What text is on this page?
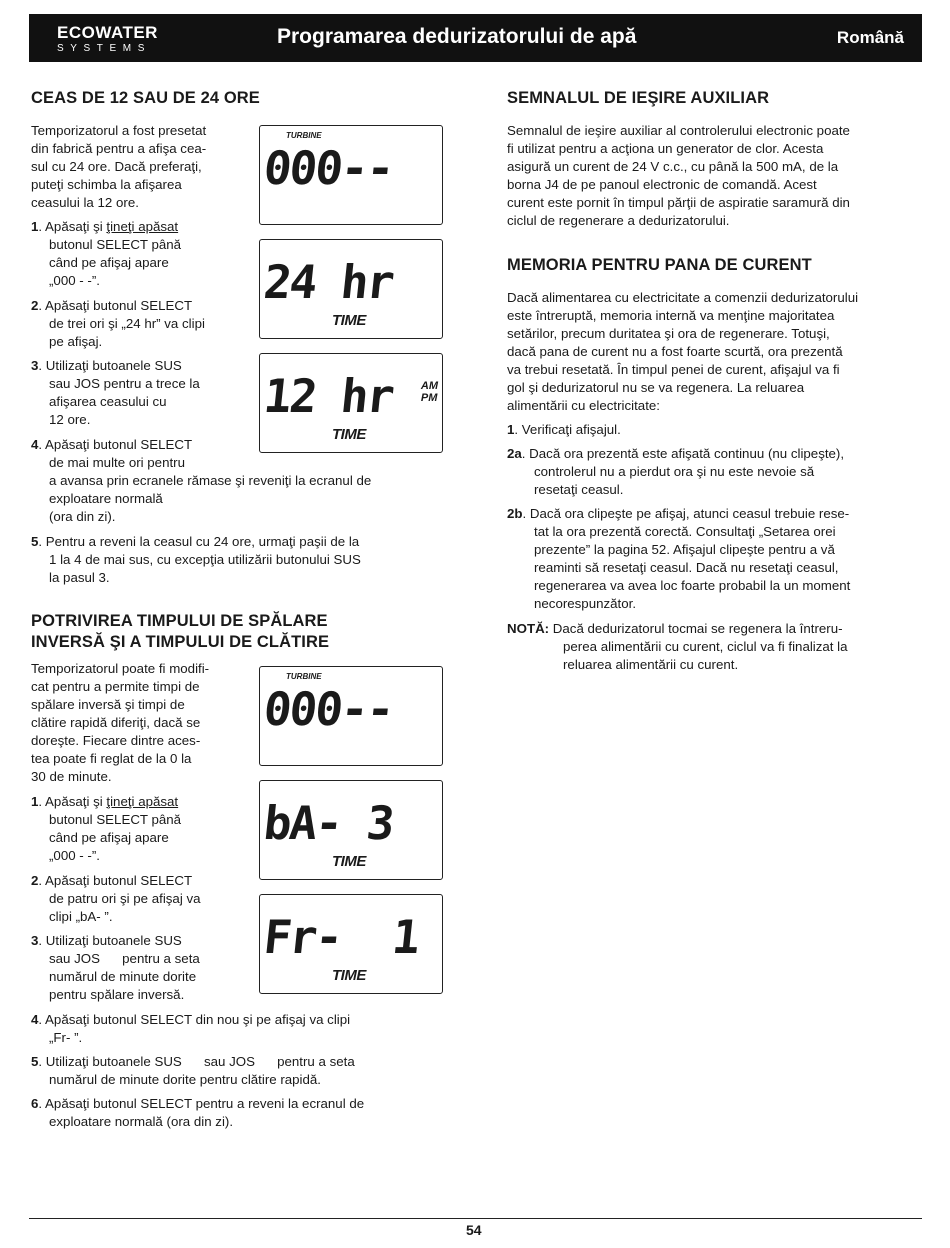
ECOWATER
SYSTEMS
Programarea dedurizatorului de apă	Română
CEAS DE 12 SAU DE 24 ORE

Temporizatorul a fost presetat

din fabrică pentru a afişa cea-

sul cu 24 ore. Dacă preferaţi,

puteţi schimba la afişarea

ceasului la 12 ore.

1. Apăsaţi şi ţineţi apăsat

butonul SELECT până

când pe afişaj apare

„000 - -”.

2. Apăsaţi butonul SELECT

de trei ori şi „24 hr” va clipi

pe afişaj.

3. Utilizaţi butoanele SUS

sau JOS pentru a trece la

afişarea ceasului cu

12 ore.

4. Apăsaţi butonul SELECT

de mai multe ori pentru

a avansa prin ecranele rămase şi reveniţi la ecranul de

exploatare normală

(ora din zi).

5. Pentru a reveni la ceasul cu 24 ore, urmaţi paşii de la

1 la 4 de mai sus, cu excepţia utilizării butonului SUS

la pasul 3.

POTRIVIREA TIMPULUI DE SPĂLARE
INVERSĂ ŞI A TIMPULUI DE CLĂTIRE

Temporizatorul poate fi modifi-

cat pentru a permite timpi de

spălare inversă şi timpi de

clătire rapidă diferiţi, dacă se

doreşte. Fiecare dintre aces-

tea poate fi reglat de la 0 la

30 de minute.

1. Apăsaţi şi ţineţi apăsat

butonul SELECT până

când pe afişaj apare

„000 - -”.

2. Apăsaţi butonul SELECT

de patru ori şi pe afişaj va

clipi „bA- ”.

3. Utilizaţi butoanele SUS

sau JOS      pentru a seta

numărul de minute dorite

pentru spălare inversă.

4. Apăsaţi butonul SELECT din nou şi pe afişaj va clipi

„Fr- ”.

5. Utilizaţi butoanele SUS      sau JOS      pentru a seta

numărul de minute dorite pentru clătire rapidă.

6. Apăsaţi butonul SELECT pentru a reveni la ecranul de

exploatare normală (ora din zi).

TURBINE
000--
24 hr
TIME
12 hr AM
PM
TIME
TURBINE
000--
bA- 3
TIME
Fr-  1
TIME
SEMNALUL DE IEŞIRE AUXILIAR

Semnalul de ieşire auxiliar al controlerului electronic poate

fi utilizat pentru a acţiona un generator de clor. Acesta

asigură un curent de 24 V c.c., cu până la 500 mA, de la

borna J4 de pe panoul electronic de comandă. Acest

curent este pornit în timpul părţii de aspiratie saramură din

ciclul de regenerare a dedurizatorului.

MEMORIA PENTRU PANA DE CURENT

Dacă alimentarea cu electricitate a comenzii dedurizatorului

este întreruptă, memoria internă va menţine majoritatea

setărilor, precum duritatea şi ora de regenerare. Totuşi,

dacă pana de curent nu a fost foarte scurtă, ora prezentă

va trebui resetată. În timpul penei de curent, afişajul va fi

gol şi dedurizatorul nu se va regenera. La reluarea

alimentării cu electricitate:

1. Verificaţi afişajul.

2a. Dacă ora prezentă este afişată continuu (nu clipeşte),

controlerul nu a pierdut ora şi nu este nevoie să

resetaţi ceasul.

2b. Dacă ora clipeşte pe afişaj, atunci ceasul trebuie rese-

tat la ora prezentă corectă. Consultaţi „Setarea orei

prezente” la pagina 52. Afişajul clipeşte pentru a vă

reaminti să resetaţi ceasul. Dacă nu resetaţi ceasul,

regenerarea va avea loc foarte probabil la un moment

necorespunzător.

NOTĂ: Dacă dedurizatorul tocmai se regenera la întreru-

perea alimentării cu curent, ciclul va fi finalizat la

reluarea alimentării cu curent.

54
